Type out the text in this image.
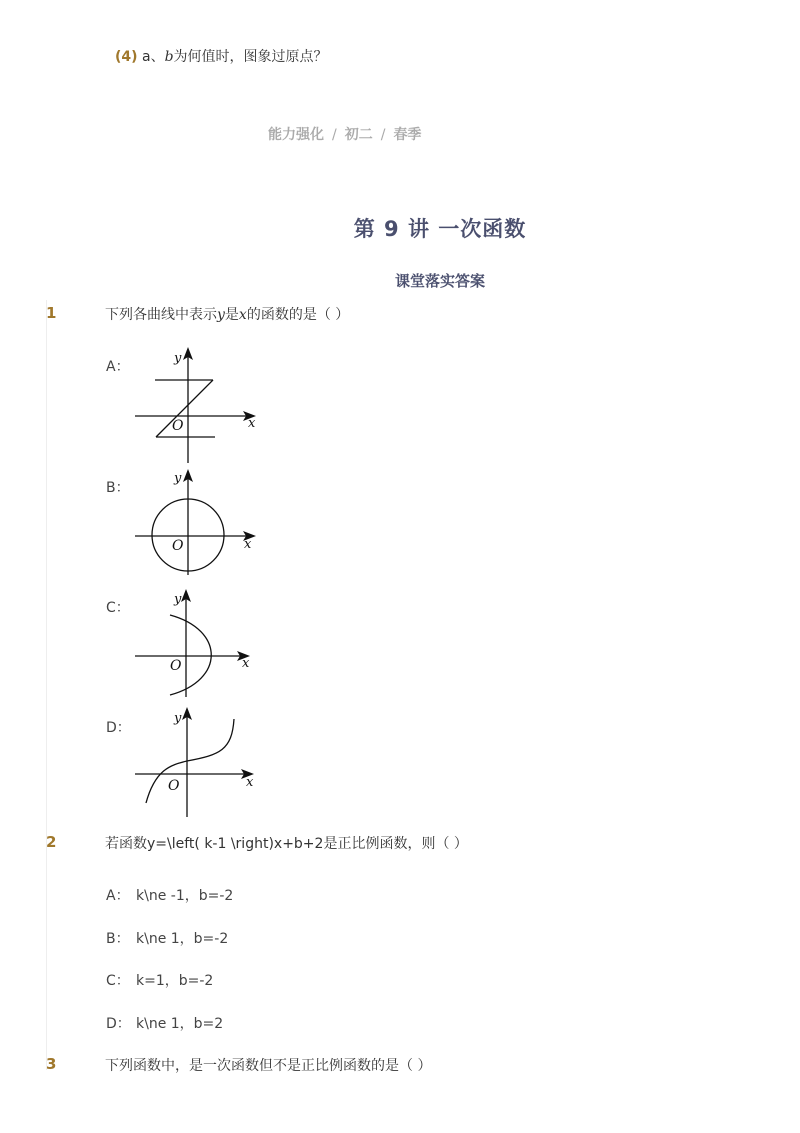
(4) a、b为何值时，图象过原点？
能力强化 / 初二 / 春季
第 9 讲 一次函数
课堂落实答案
1	下列各曲线中表示y是x的函数的是（ ）
A：
y
x
O
B：
y
x
O
C：
y
x
O
D：
y
x
O
2	若函数y=\left( k-1 \right)x+b+2是正比例函数，则（ ）
A： k\ne -1，b=-2
B： k\ne 1，b=-2
C： k=1，b=-2
D： k\ne 1，b=2
3	下列函数中，是一次函数但不是正比例函数的是（ ）
